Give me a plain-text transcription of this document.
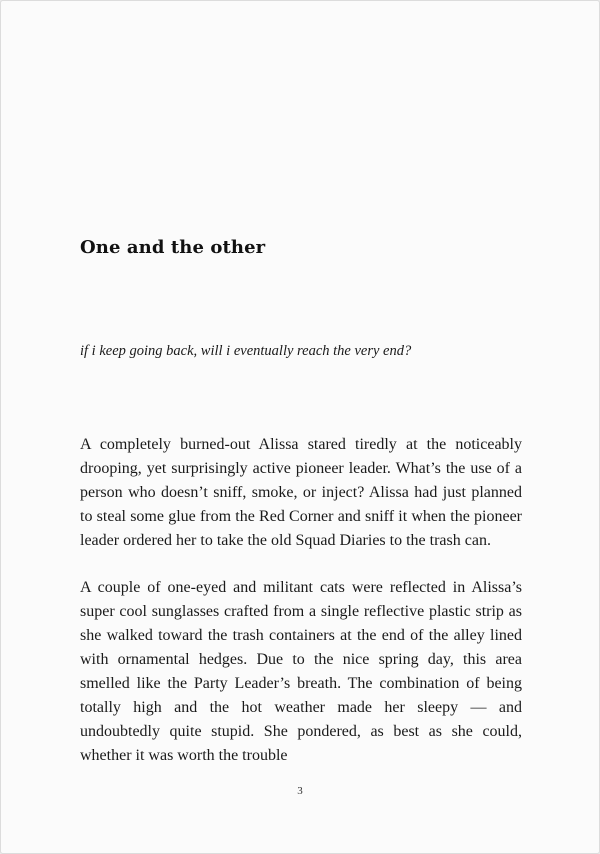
One and the other

if i keep going back, will i eventually reach the very end?

A completely burned-out Alissa stared tiredly at the noticeably drooping, yet surprisingly active pioneer leader. What’s the use of a person who doesn’t sniff, smoke, or inject? Alissa had just planned to steal some glue from the Red Corner and sniff it when the pioneer leader ordered her to take the old Squad Diaries to the trash can.

A couple of one-eyed and militant cats were reflected in Alissa’s super cool sunglasses crafted from a single reflective plastic strip as she walked toward the trash containers at the end of the alley lined with ornamental hedges. Due to the nice spring day, this area smelled like the Party Leader’s breath. The combination of being totally high and the hot weather made her sleepy — and undoubtedly quite stupid. She pondered, as best as she could, whether it was worth the trouble

3
